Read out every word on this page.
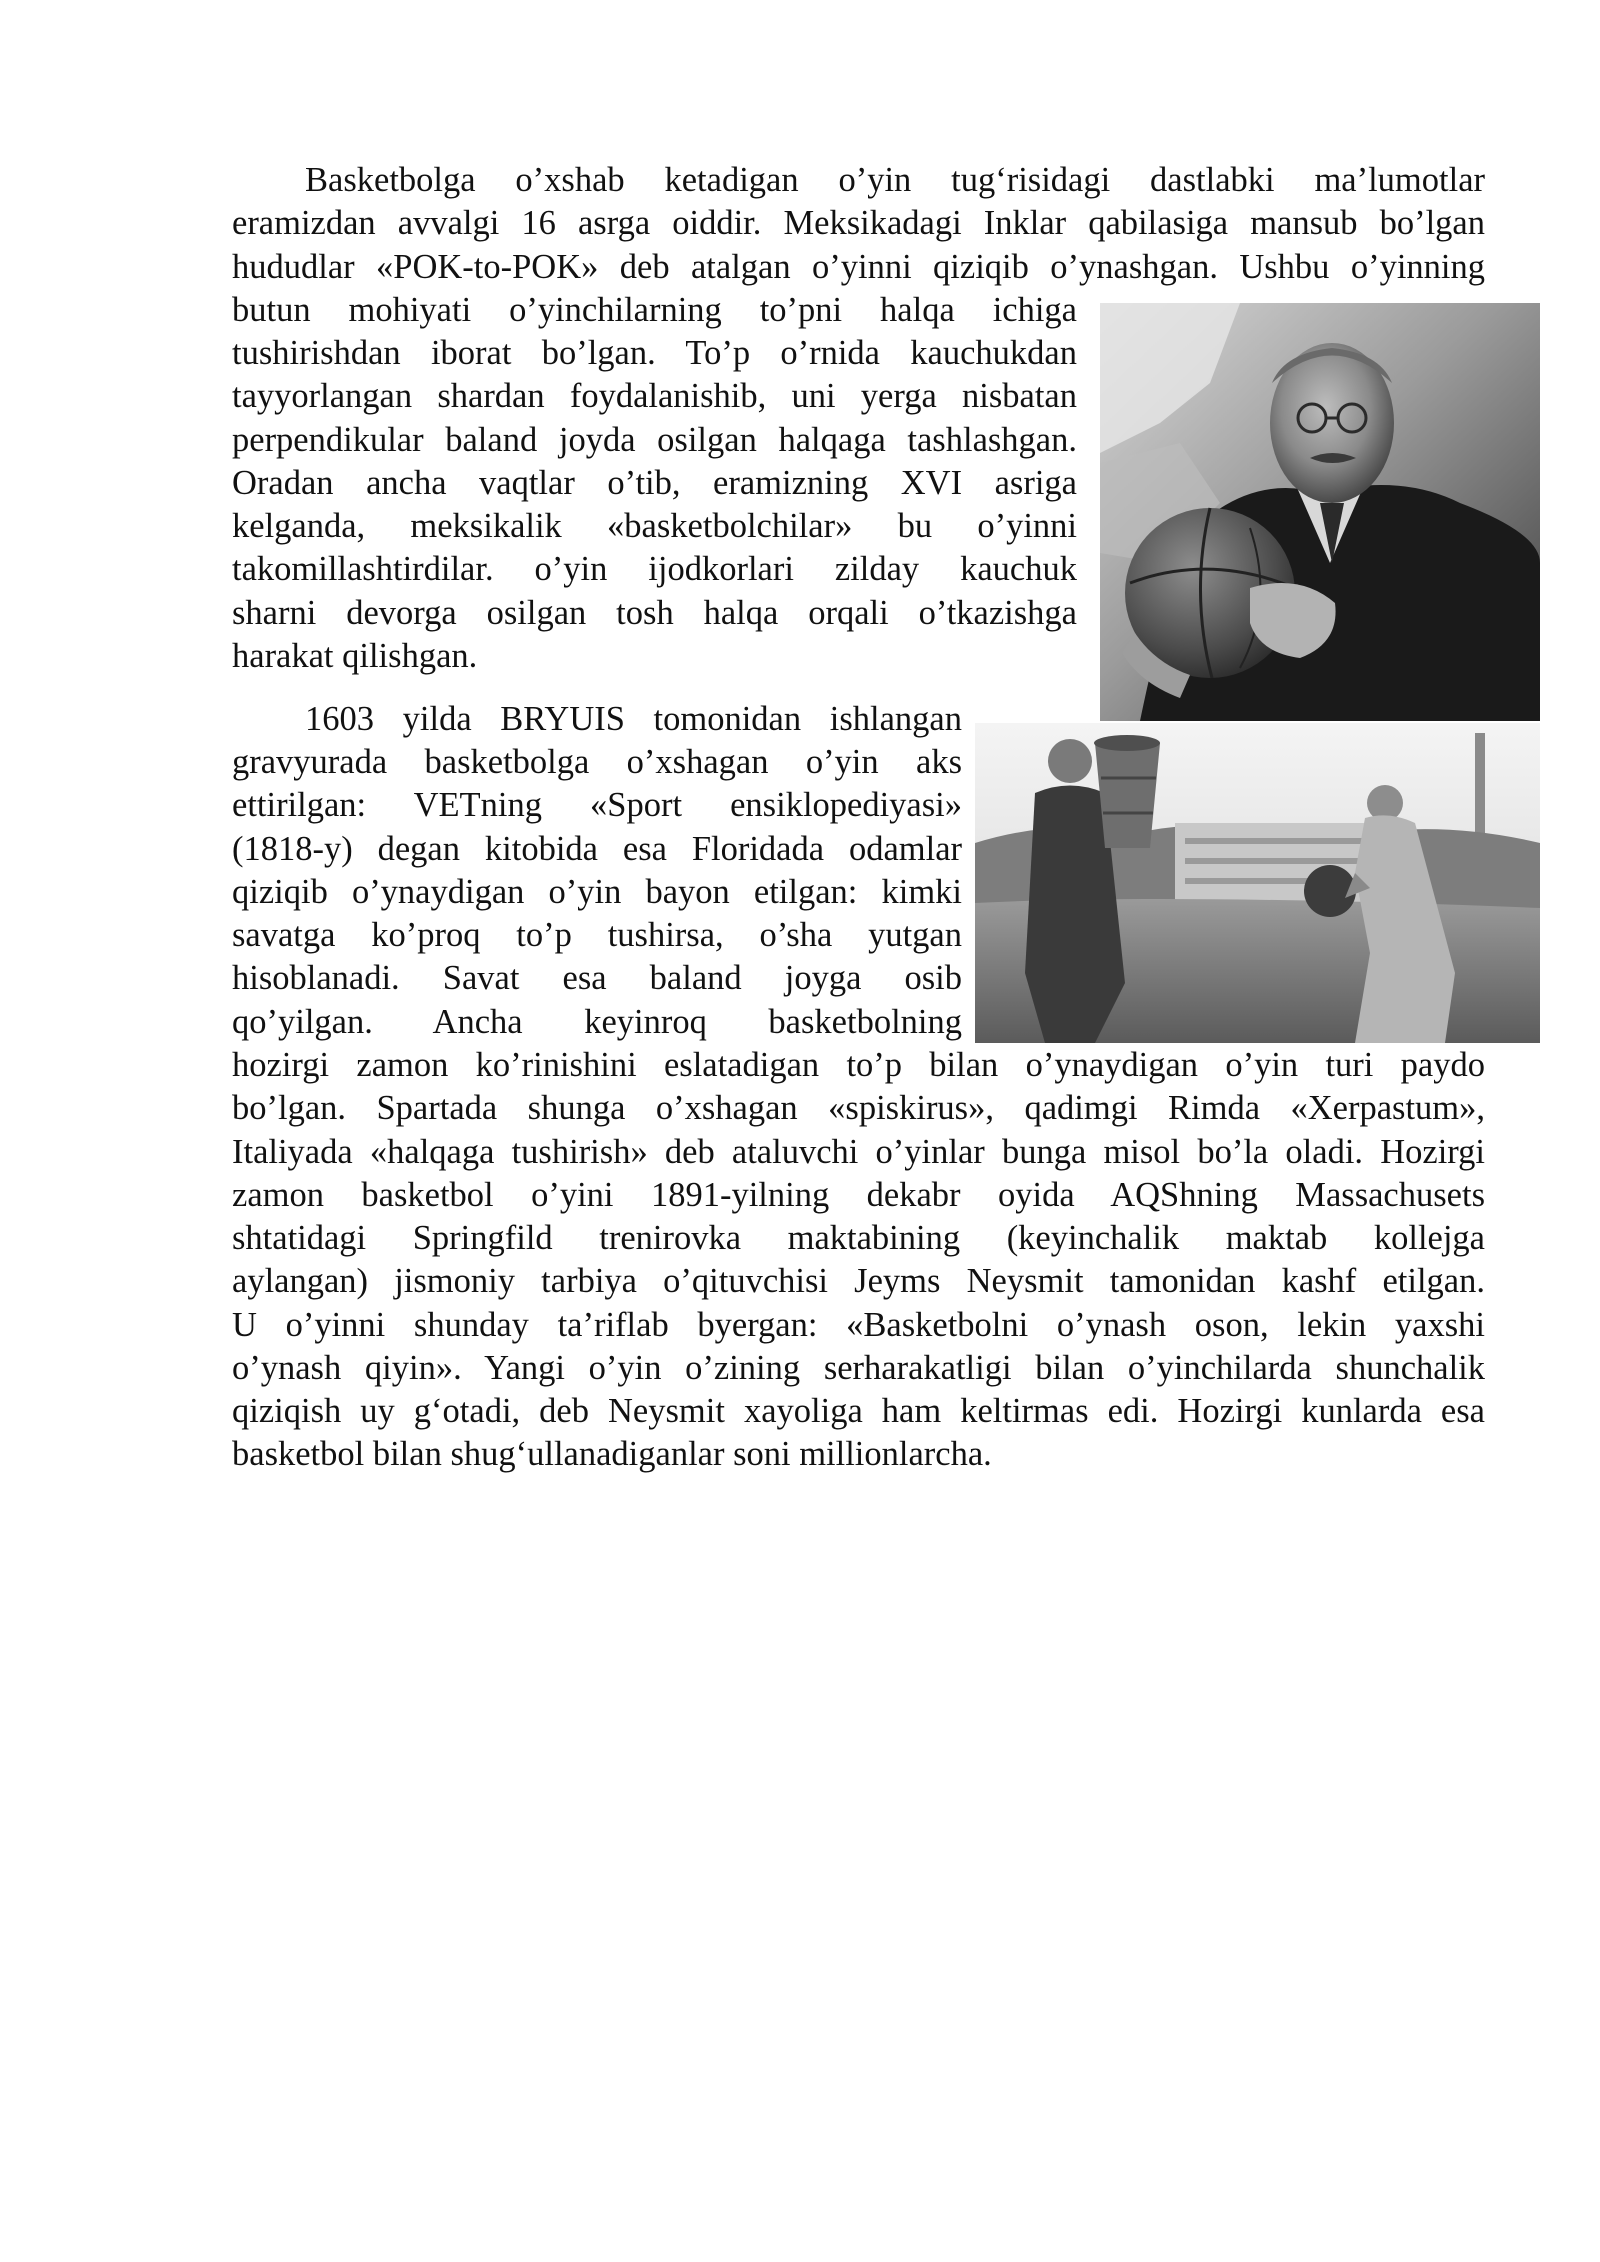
Basketbolga o’xshab ketadigan o’yin tug‘risidagi dastlabki ma’lumotlar

eramizdan avvalgi 16 asrga oiddir. Meksikadagi Inklar qabilasiga mansub bo’lgan

hududlar «POK-to-POK» deb atalgan o’yinni qiziqib o’ynashgan. Ushbu o’yinning

butun mohiyati o’yinchilarning to’pni halqa ichiga

tushirishdan iborat bo’lgan. To’p o’rnida kauchukdan

tayyorlangan shardan foydalanishib, uni yerga nisbatan

perpendikular baland joyda osilgan halqaga tashlashgan.

Oradan ancha vaqtlar o’tib, eramizning XVI asriga

kelganda, meksikalik «basketbolchilar» bu o’yinni

takomillashtirdilar. o’yin ijodkorlari zilday kauchuk

sharni devorga osilgan tosh halqa orqali o’tkazishga

harakat qilishgan.

1603 yilda BRYUIS tomonidan ishlangan

gravyurada basketbolga o’xshagan o’yin aks

ettirilgan: VETning «Sport ensiklopediyasi»

(1818-y) degan kitobida esa Floridada odamlar

qiziqib o’ynaydigan o’yin bayon etilgan: kimki

savatga ko’proq to’p tushirsa, o’sha yutgan

hisoblanadi. Savat esa baland joyga osib

qo’yilgan. Ancha keyinroq basketbolning

hozirgi zamon ko’rinishini eslatadigan to’p bilan o’ynaydigan o’yin turi paydo

bo’lgan. Spartada shunga o’xshagan «spiskirus», qadimgi Rimda «Xerpastum»,

Italiyada «halqaga tushirish» deb ataluvchi o’yinlar bunga misol bo’la oladi. Hozirgi

zamon basketbol o’yini 1891-yilning dekabr oyida AQShning Massachusets

shtatidagi Springfild trenirovka maktabining (keyinchalik maktab kollejga

aylangan) jismoniy tarbiya o’qituvchisi Jeyms Neysmit tamonidan kashf etilgan.

U o’yinni shunday ta’riflab byergan: «Basketbolni o’ynash oson, lekin yaxshi

o’ynash qiyin». Yangi o’yin o’zining serharakatligi bilan o’yinchilarda shunchalik

qiziqish uy g‘otadi, deb Neysmit xayoliga ham keltirmas edi. Hozirgi kunlarda esa

basketbol bilan shug‘ullanadiganlar soni millionlarcha.
